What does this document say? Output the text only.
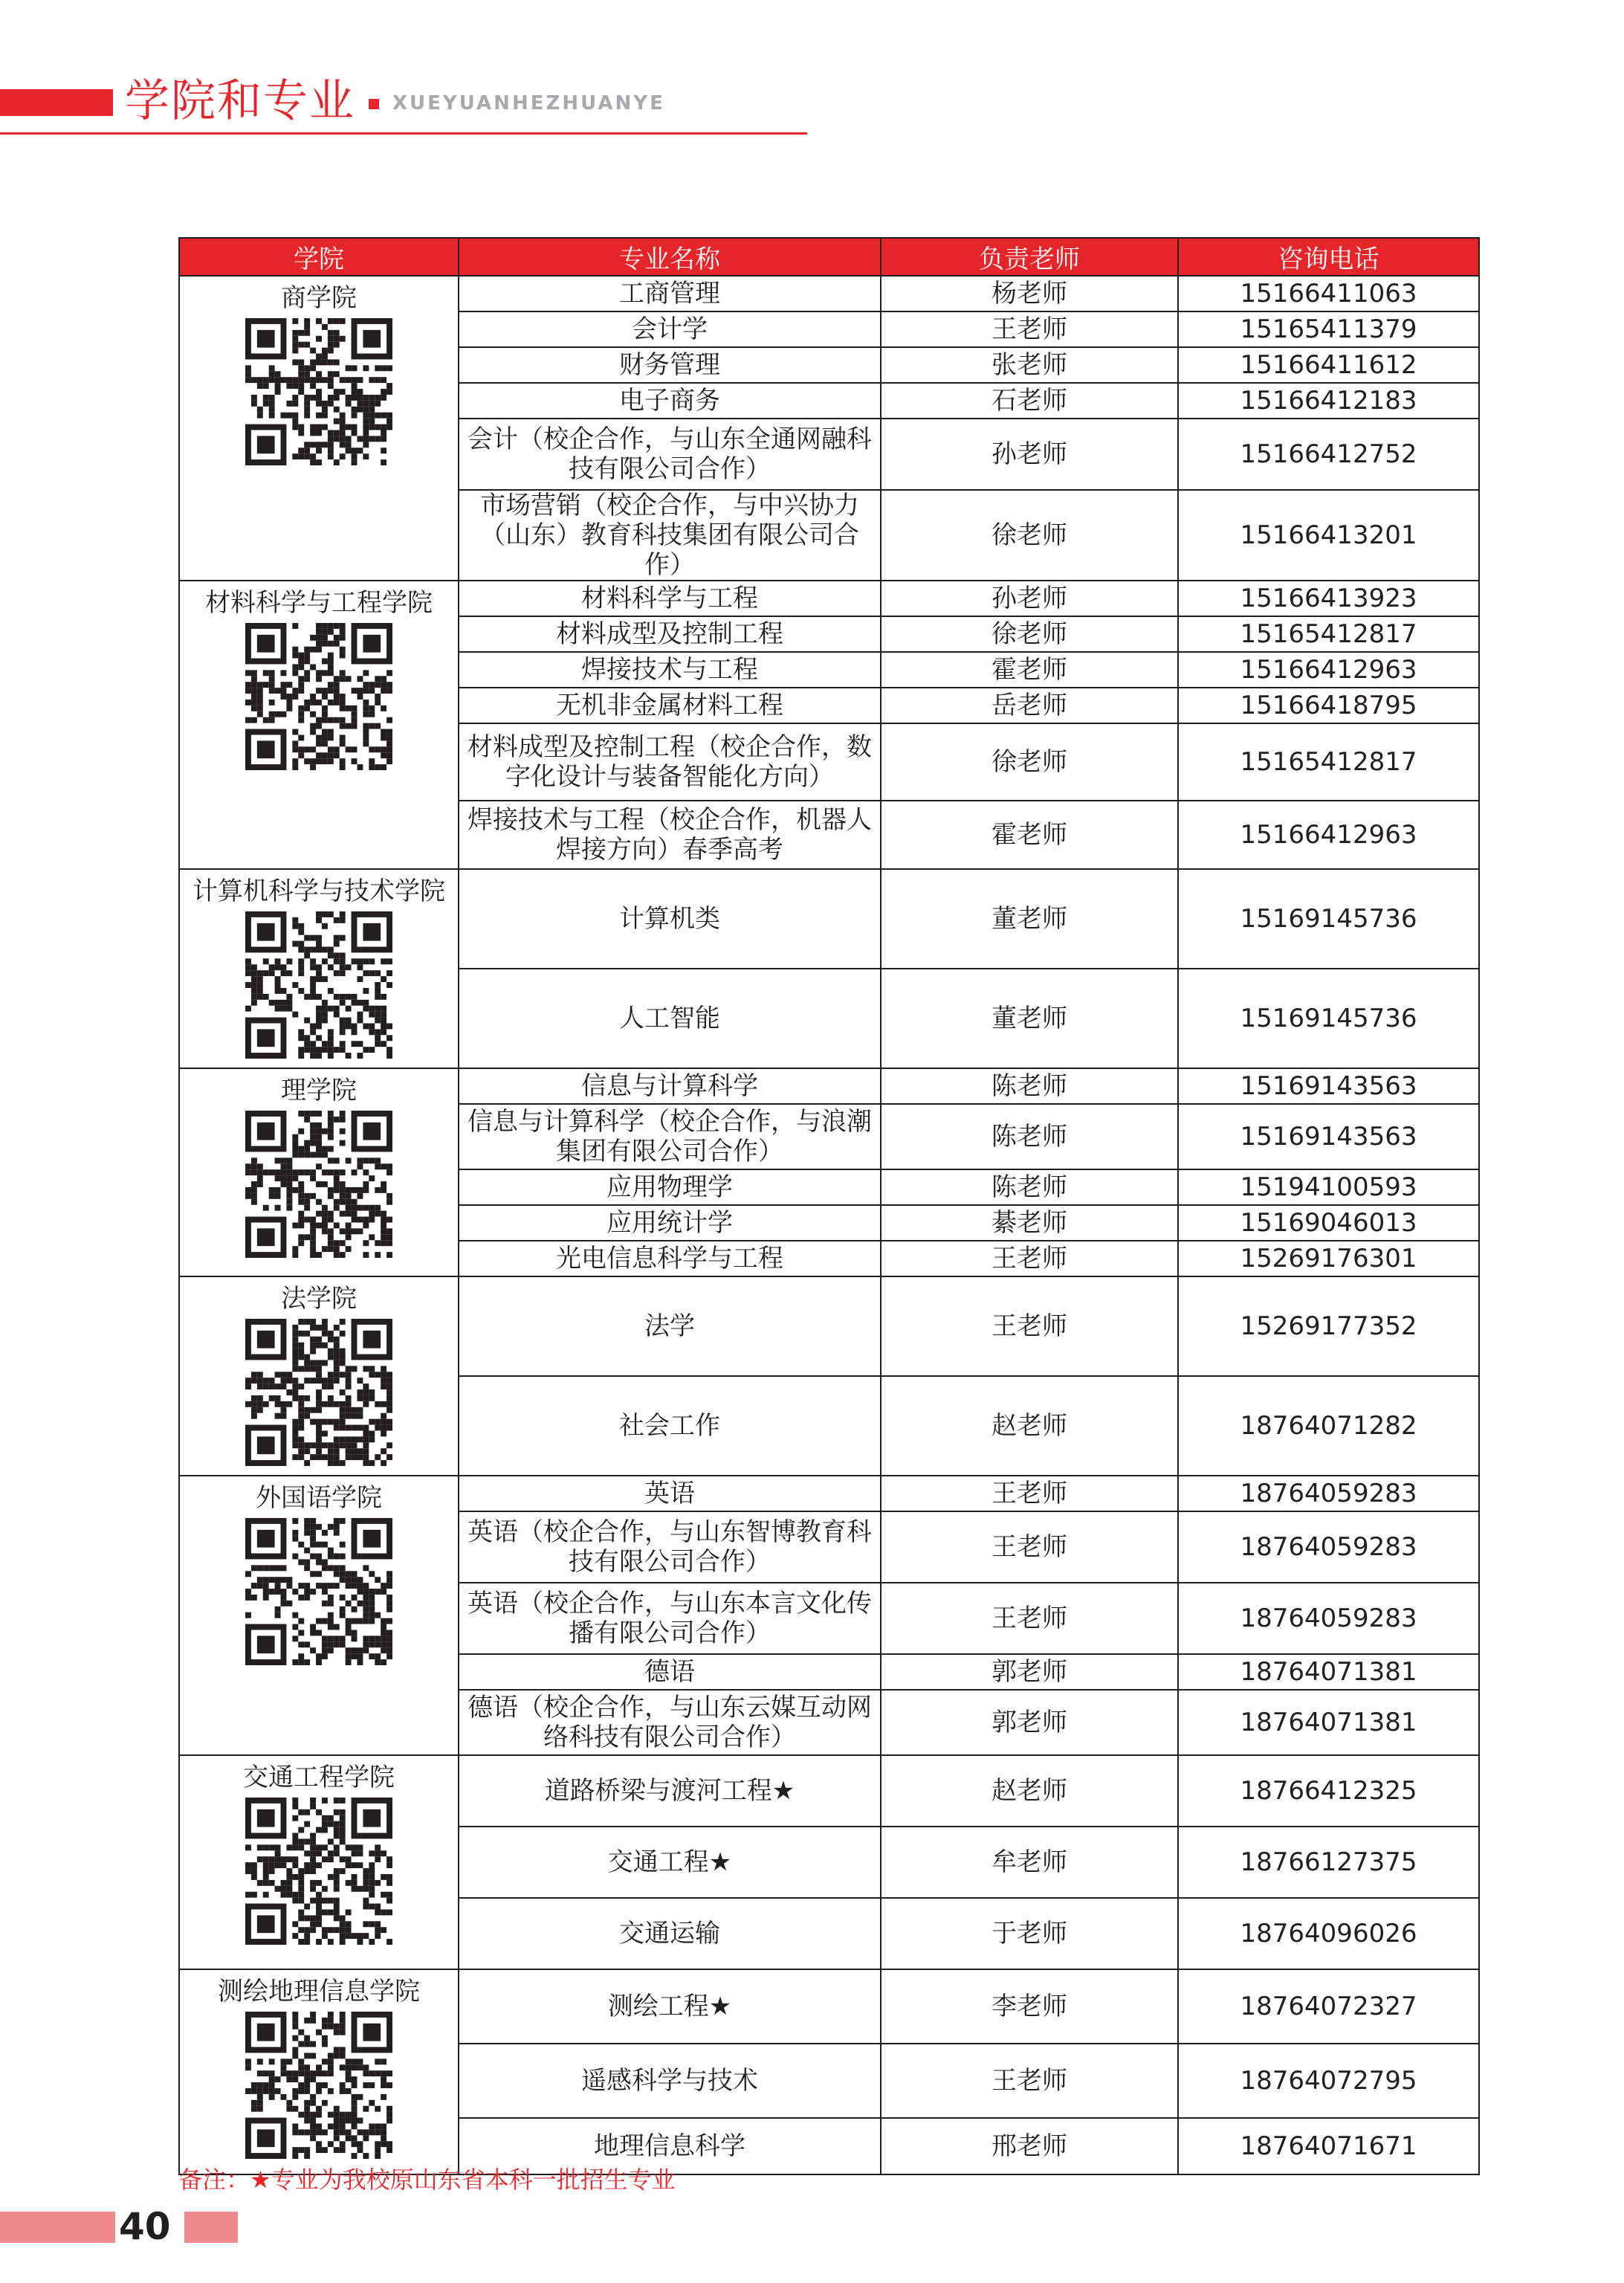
学院和专业 XUEYUANHEZHUANYE
学院	专业名称	负责老师	咨询电话

商学院	工商管理	杨老师	15166411063
	会计学	王老师	15165411379
	财务管理	张老师	15166411612
	电子商务	石老师	15166412183
	会计（校企合作，与山东全通网融科技有限公司合作）	孙老师	15166412752
	市场营销（校企合作，与中兴协力（山东）教育科技集团有限公司合作）	徐老师	15166413201

材料科学与工程学院	材料科学与工程	孙老师	15166413923
	材料成型及控制工程	徐老师	15165412817
	焊接技术与工程	霍老师	15166412963
	无机非金属材料工程	岳老师	15166418795
	材料成型及控制工程（校企合作，数字化设计与装备智能化方向）	徐老师	15165412817
	焊接技术与工程（校企合作，机器人焊接方向）春季高考	霍老师	15166412963

计算机科学与技术学院	计算机类	董老师	15169145736
	人工智能	董老师	15169145736

理学院	信息与计算科学	陈老师	15169143563
	信息与计算科学（校企合作，与浪潮集团有限公司合作）	陈老师	15169143563
	应用物理学	陈老师	15194100593
	应用统计学	綦老师	15169046013
	光电信息科学与工程	王老师	15269176301

法学院	法学	王老师	15269177352
	社会工作	赵老师	18764071282

外国语学院	英语	王老师	18764059283
	英语（校企合作，与山东智博教育科技有限公司合作）	王老师	18764059283
	英语（校企合作，与山东本言文化传播有限公司合作）	王老师	18764059283
	德语	郭老师	18764071381
	德语（校企合作，与山东云媒互动网络科技有限公司合作）	郭老师	18764071381

交通工程学院	道路桥梁与渡河工程★	赵老师	18766412325
	交通工程★	牟老师	18766127375
	交通运输	于老师	18764096026

测绘地理信息学院	测绘工程★	李老师	18764072327
	遥感科学与技术	王老师	18764072795
	地理信息科学	邢老师	18764071671
备注：★专业为我校原山东省本科一批招生专业
40
